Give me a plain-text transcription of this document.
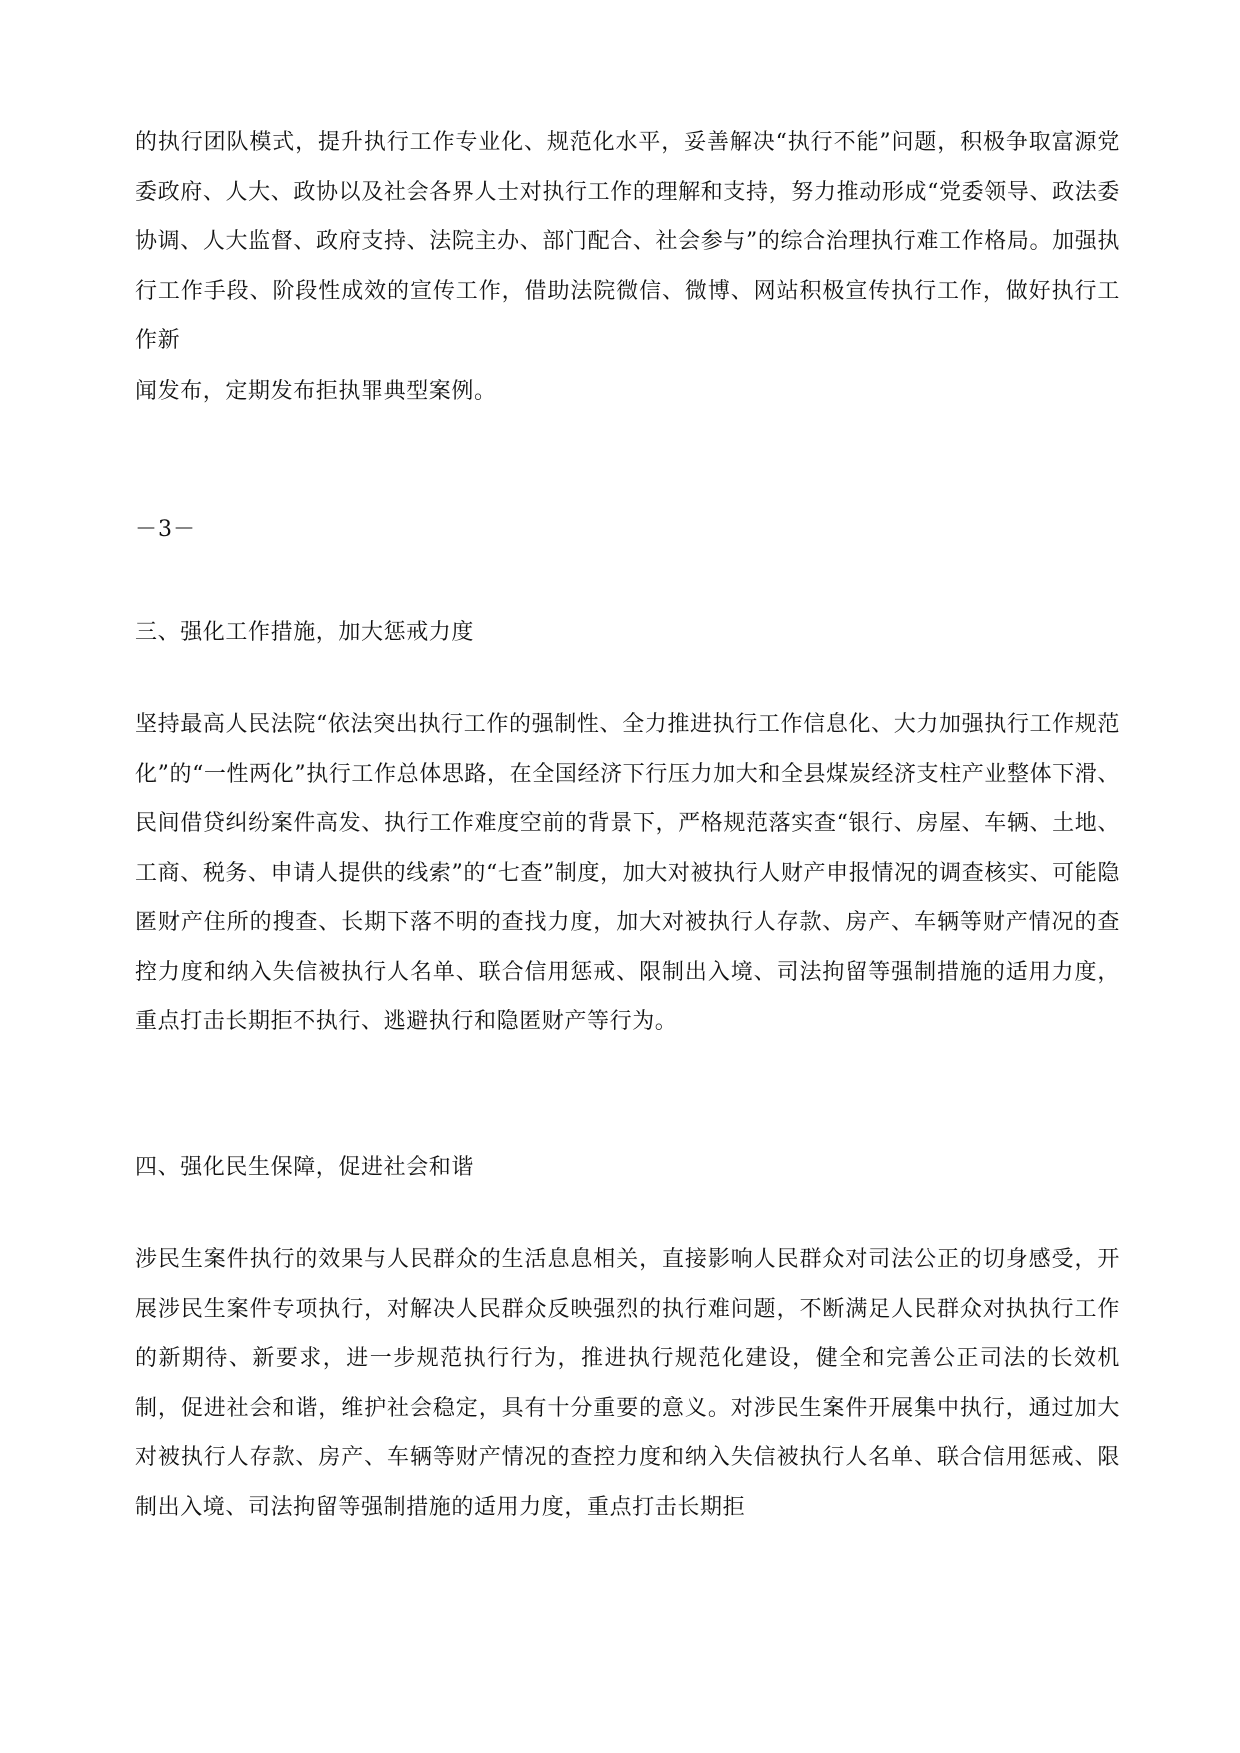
的执行团队模式，提升执行工作专业化、规范化水平，妥善解决“执行不能”问题，积极争取富源党委政府、人大、政协以及社会各界人士对执行工作的理解和支持，努力推动形成“党委领导、政法委协调、人大监督、政府支持、法院主办、部门配合、社会参与”的综合治理执行难工作格局。加强执行工作手段、阶段性成效的宣传工作，借助法院微信、微博、网站积极宣传执行工作，做好执行工作新
闻发布，定期发布拒执罪典型案例。
－3－
三、强化工作措施，加大惩戒力度
坚持最高人民法院“依法突出执行工作的强制性、全力推进执行工作信息化、大力加强执行工作规范化”的“一性两化”执行工作总体思路，在全国经济下行压力加大和全县煤炭经济支柱产业整体下滑、民间借贷纠纷案件高发、执行工作难度空前的背景下，严格规范落实查“银行、房屋、车辆、土地、工商、税务、申请人提供的线索”的“七查”制度，加大对被执行人财产申报情况的调查核实、可能隐匿财产住所的搜查、长期下落不明的查找力度，加大对被执行人存款、房产、车辆等财产情况的查控力度和纳入失信被执行人名单、联合信用惩戒、限制出入境、司法拘留等强制措施的适用力度，重点打击长期拒不执行、逃避执行和隐匿财产等行为。
四、强化民生保障，促进社会和谐
涉民生案件执行的效果与人民群众的生活息息相关，直接影响人民群众对司法公正的切身感受，开展涉民生案件专项执行，对解决人民群众反映强烈的执行难问题，不断满足人民群众对执执行工作的新期待、新要求，进一步规范执行行为，推进执行规范化建设，健全和完善公正司法的长效机制，促进社会和谐，维护社会稳定，具有十分重要的意义。对涉民生案件开展集中执行，通过加大对被执行人存款、房产、车辆等财产情况的查控力度和纳入失信被执行人名单、联合信用惩戒、限制出入境、司法拘留等强制措施的适用力度，重点打击长期拒
